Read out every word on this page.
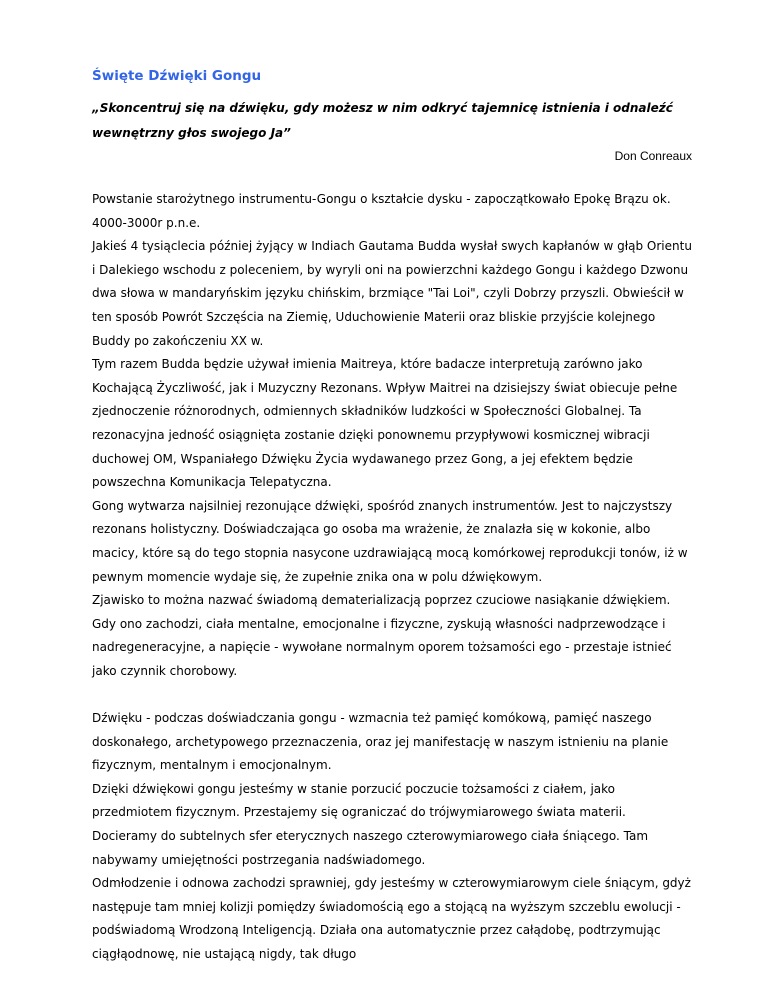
Święte Dźwięki Gongu

„Skoncentruj się na dźwięku, gdy możesz w nim odkryć tajemnicę istnienia i odnaleźć wewnętrzny głos swojego Ja”

Don Conreaux

Powstanie starożytnego instrumentu-Gongu o kształcie dysku - zapoczątkowało Epokę Brązu ok. 4000-3000r p.n.e.

Jakieś 4 tysiąclecia później żyjący w Indiach Gautama Budda wysłał swych kapłanów w głąb Orientu i Dalekiego wschodu z poleceniem, by wyryli oni na powierzchni każdego Gongu i każdego Dzwonu dwa słowa w mandaryńskim języku chińskim, brzmiące "Tai Loi", czyli Dobrzy przyszli. Obwieścił w ten sposób Powrót Szczęścia na Ziemię, Uduchowienie Materii oraz bliskie przyjście kolejnego Buddy po zakończeniu XX w.

Tym razem Budda będzie używał imienia Maitreya, które badacze interpretują zarówno jako Kochającą Życzliwość, jak i Muzyczny Rezonans. Wpływ Maitrei na dzisiejszy świat obiecuje pełne zjednoczenie różnorodnych, odmiennych składników ludzkości w Społeczności Globalnej. Ta rezonacyjna jedność osiągnięta zostanie dzięki ponownemu przypływowi kosmicznej wibracji duchowej OM, Wspaniałego Dźwięku Życia wydawanego przez Gong, a jej efektem będzie powszechna Komunikacja Telepatyczna.

Gong wytwarza najsilniej rezonujące dźwięki, spośród znanych instrumentów. Jest to najczystszy rezonans holistyczny. Doświadczająca go osoba ma wrażenie, że znalazła się w kokonie, albo macicy, które są do tego stopnia nasycone uzdrawiającą mocą komórkowej reprodukcji tonów, iż w pewnym momencie wydaje się, że zupełnie znika ona w polu dźwiękowym.

Zjawisko to można nazwać świadomą dematerializacją poprzez czuciowe nasiąkanie dźwiękiem. Gdy ono zachodzi, ciała mentalne, emocjonalne i fizyczne, zyskują własności nadprzewodzące i nadregeneracyjne, a napięcie - wywołane normalnym oporem tożsamości ego - przestaje istnieć jako czynnik chorobowy.

Dźwięku - podczas doświadczania gongu - wzmacnia też pamięć komókową, pamięć naszego doskonałego, archetypowego przeznaczenia, oraz jej manifestację w naszym istnieniu na planie fizycznym, mentalnym i emocjonalnym.

Dzięki dźwiękowi gongu jesteśmy w stanie porzucić poczucie tożsamości z ciałem, jako przedmiotem fizycznym. Przestajemy się ograniczać do trójwymiarowego świata materii. Docieramy do subtelnych sfer eterycznych naszego czterowymiarowego ciała śniącego. Tam nabywamy umiejętności postrzegania nadświadomego.

Odmłodzenie i odnowa zachodzi sprawniej, gdy jesteśmy w czterowymiarowym ciele śniącym, gdyż następuje tam mniej kolizji pomiędzy świadomością ego a stojącą na wyższym szczeblu ewolucji - podświadomą Wrodzoną Inteligencją. Działa ona automatycznie przez całądobę, podtrzymując ciągłąodnowę, nie ustającą nigdy, tak długo
